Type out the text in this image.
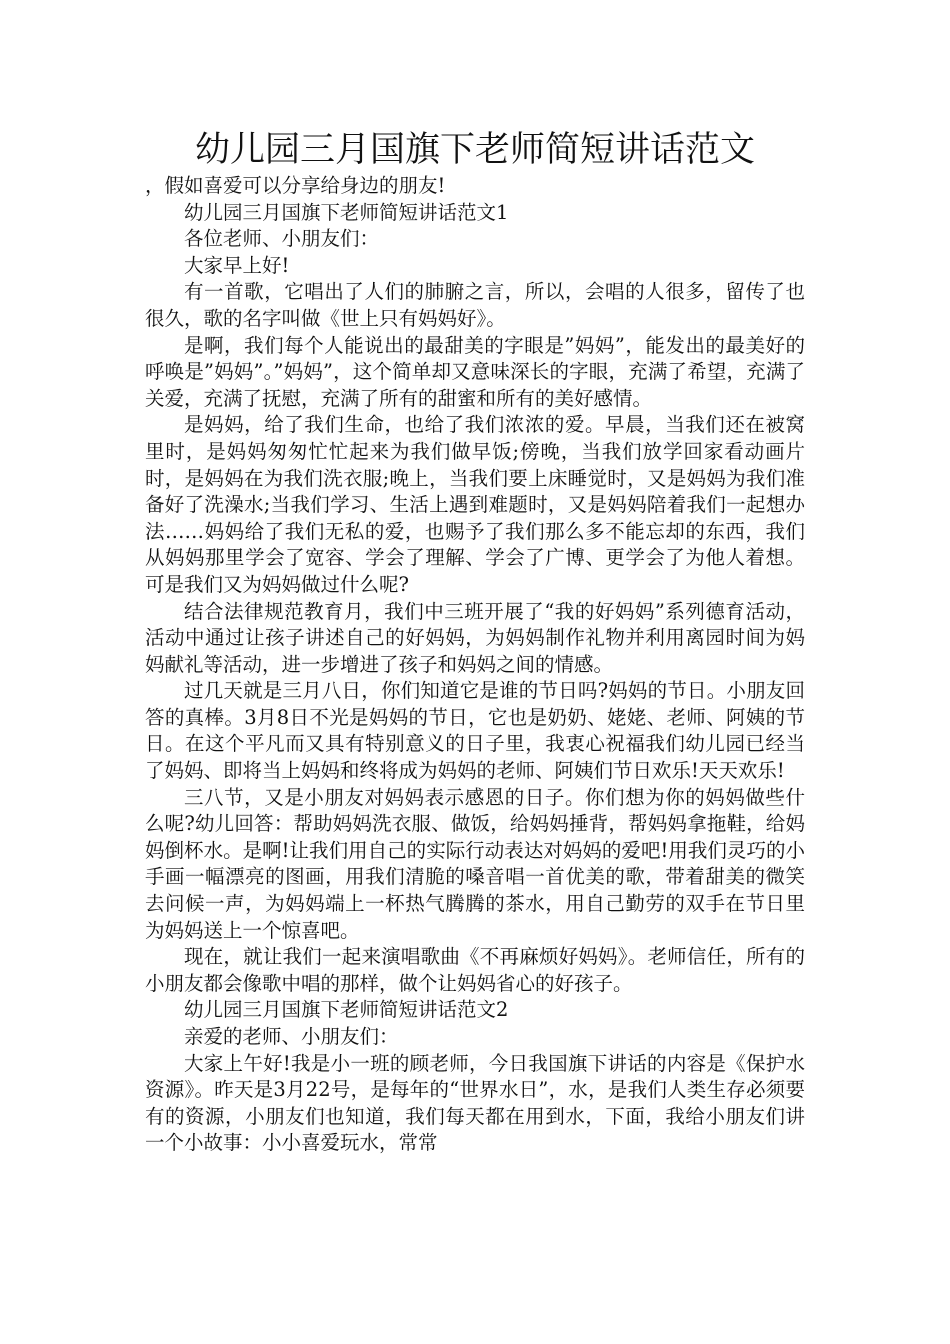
幼儿园三月国旗下老师简短讲话范文

，假如喜爱可以分享给身边的朋友!

幼儿园三月国旗下老师简短讲话范文1

各位老师、小朋友们：

大家早上好!

有一首歌，它唱出了人们的肺腑之言，所以，会唱的人很多，留传了也很久，歌的名字叫做《世上只有妈妈好》。

是啊，我们每个人能说出的最甜美的字眼是”妈妈”，能发出的最美好的呼唤是”妈妈”。”妈妈”，这个简单却又意味深长的字眼，充满了希望，充满了关爱，充满了抚慰，充满了所有的甜蜜和所有的美好感情。

是妈妈，给了我们生命，也给了我们浓浓的爱。早晨，当我们还在被窝里时，是妈妈匆匆忙忙起来为我们做早饭;傍晚，当我们放学回家看动画片时，是妈妈在为我们洗衣服;晚上，当我们要上床睡觉时，又是妈妈为我们准备好了洗澡水;当我们学习、生活上遇到难题时，又是妈妈陪着我们一起想办法……妈妈给了我们无私的爱，也赐予了我们那么多不能忘却的东西，我们从妈妈那里学会了宽容、学会了理解、学会了广博、更学会了为他人着想。可是我们又为妈妈做过什么呢?

结合法律规范教育月，我们中三班开展了“我的好妈妈”系列德育活动，活动中通过让孩子讲述自己的好妈妈，为妈妈制作礼物并利用离园时间为妈妈献礼等活动，进一步增进了孩子和妈妈之间的情感。

过几天就是三月八日，你们知道它是谁的节日吗?妈妈的节日。小朋友回答的真棒。3月8日不光是妈妈的节日，它也是奶奶、姥姥、老师、阿姨的节日。在这个平凡而又具有特别意义的日子里，我衷心祝福我们幼儿园已经当了妈妈、即将当上妈妈和终将成为妈妈的老师、阿姨们节日欢乐!天天欢乐!

三八节，又是小朋友对妈妈表示感恩的日子。你们想为你的妈妈做些什么呢?幼儿回答：帮助妈妈洗衣服、做饭，给妈妈捶背，帮妈妈拿拖鞋，给妈妈倒杯水。是啊!让我们用自己的实际行动表达对妈妈的爱吧!用我们灵巧的小手画一幅漂亮的图画，用我们清脆的嗓音唱一首优美的歌，带着甜美的微笑去问候一声，为妈妈端上一杯热气腾腾的茶水，用自己勤劳的双手在节日里为妈妈送上一个惊喜吧。

现在，就让我们一起来演唱歌曲《不再麻烦好妈妈》。老师信任，所有的小朋友都会像歌中唱的那样，做个让妈妈省心的好孩子。

幼儿园三月国旗下老师简短讲话范文2

亲爱的老师、小朋友们：

大家上午好!我是小一班的顾老师，今日我国旗下讲话的内容是《保护水资源》。昨天是3月22号，是每年的“世界水日”，水，是我们人类生存必须要有的资源，小朋友们也知道，我们每天都在用到水，下面，我给小朋友们讲一个小故事：小小喜爱玩水，常常
